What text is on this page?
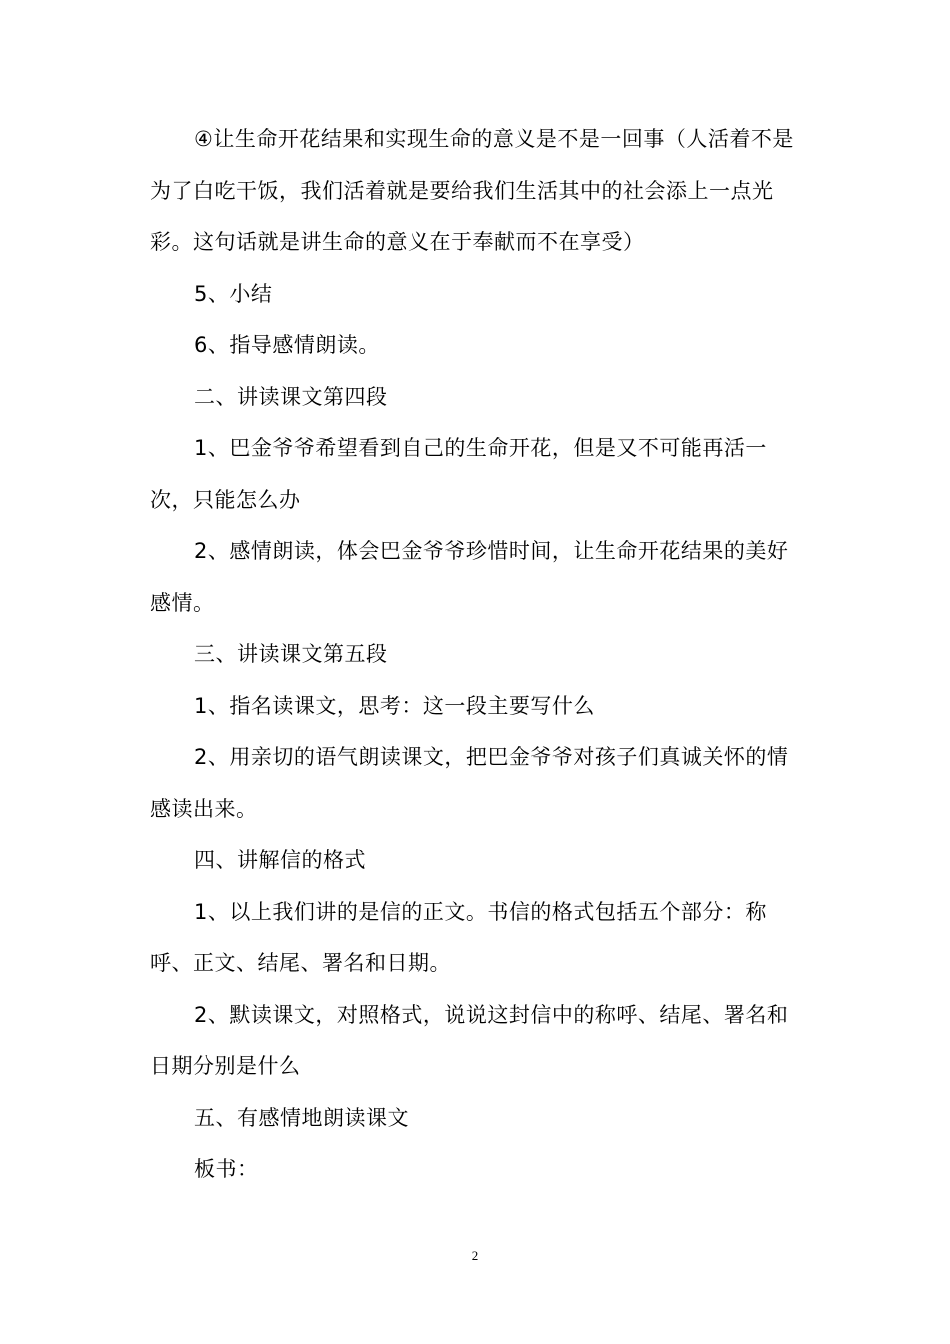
④让生命开花结果和实现生命的意义是不是一回事（人活着不是为了白吃干饭，我们活着就是要给我们生活其中的社会添上一点光彩。这句话就是讲生命的意义在于奉献而不在享受）

5、小结

6、指导感情朗读。

二、讲读课文第四段

1、巴金爷爷希望看到自己的生命开花，但是又不可能再活一次，只能怎么办

2、感情朗读，体会巴金爷爷珍惜时间，让生命开花结果的美好感情。

三、讲读课文第五段

1、指名读课文，思考：这一段主要写什么

2、用亲切的语气朗读课文，把巴金爷爷对孩子们真诚关怀的情感读出来。

四、讲解信的格式

1、以上我们讲的是信的正文。书信的格式包括五个部分：称呼、正文、结尾、署名和日期。

2、默读课文，对照格式，说说这封信中的称呼、结尾、署名和日期分别是什么

五、有感情地朗读课文

板书：

2
